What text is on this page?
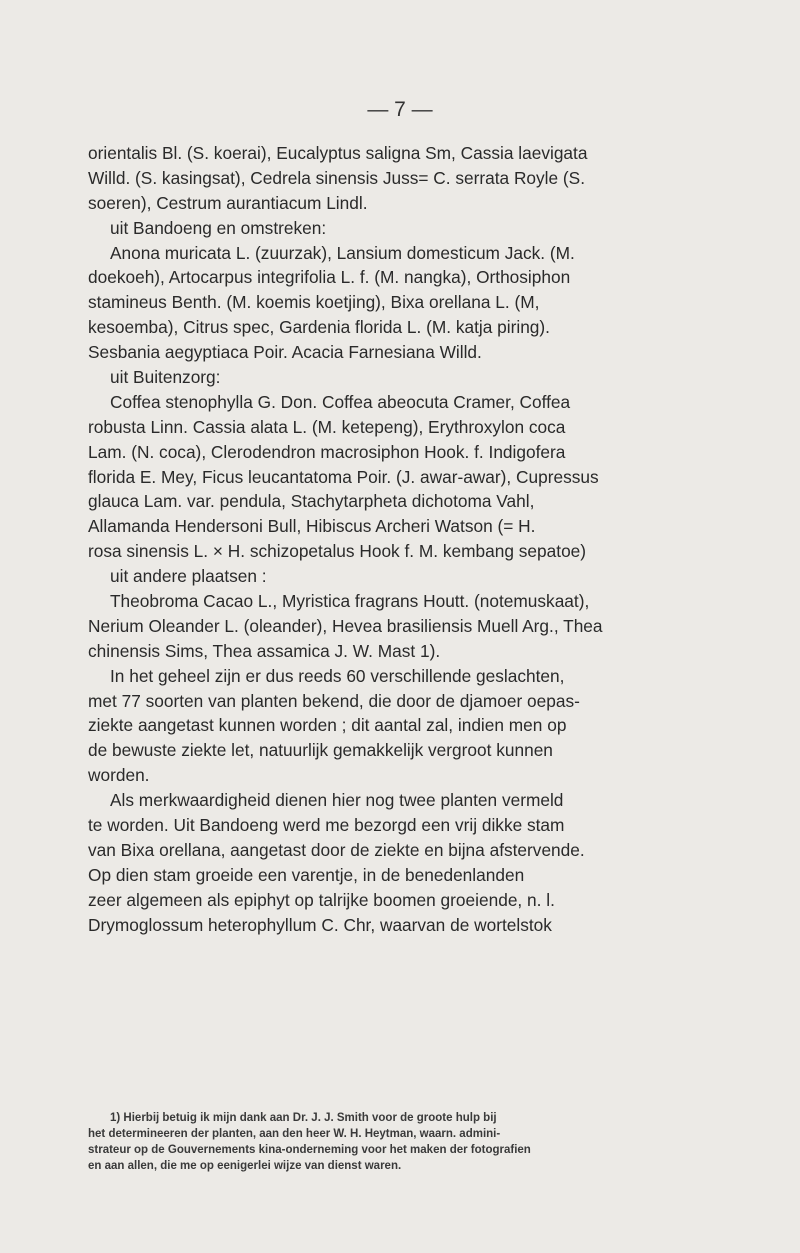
— 7 —
orientalis Bl. (S. koerai), Eucalyptus saligna Sm, Cassia laevigata
Willd. (S. kasingsat), Cedrela sinensis Juss= C. serrata Royle (S.
soeren), Cestrum aurantiacum Lindl.
uit Bandoeng en omstreken:
Anona muricata L. (zuurzak), Lansium domesticum Jack. (M.
doekoeh), Artocarpus integrifolia L. f. (M. nangka), Orthosiphon
stamineus Benth. (M. koemis koetjing), Bixa orellana L. (M,
kesoemba), Citrus spec, Gardenia florida L. (M. katja piring).
Sesbania aegyptiaca Poir. Acacia Farnesiana Willd.
uit Buitenzorg:
Coffea stenophylla G. Don. Coffea abeocuta Cramer, Coffea
robusta Linn. Cassia alata L. (M. ketepeng), Erythroxylon coca
Lam. (N. coca), Clerodendron macrosiphon Hook. f. Indigofera
florida E. Mey, Ficus leucantatoma Poir. (J. awar-awar), Cupressus
glauca Lam. var. pendula, Stachytarpheta dichotoma Vahl,
Allamanda Hendersoni Bull, Hibiscus Archeri Watson (= H.
rosa sinensis L. × H. schizopetalus Hook f. M. kembang sepatoe)
uit andere plaatsen :
Theobroma Cacao L., Myristica fragrans Houtt. (notemuskaat),
Nerium Oleander L. (oleander), Hevea brasiliensis Muell Arg., Thea
chinensis Sims, Thea assamica J. W. Mast 1).
In het geheel zijn er dus reeds 60 verschillende geslachten,
met 77 soorten van planten bekend, die door de djamoer oepas-
ziekte aangetast kunnen worden ; dit aantal zal, indien men op
de bewuste ziekte let, natuurlijk gemakkelijk vergroot kunnen
worden.
Als merkwaardigheid dienen hier nog twee planten vermeld
te worden. Uit Bandoeng werd me bezorgd een vrij dikke stam
van Bixa orellana, aangetast door de ziekte en bijna afstervende.
Op dien stam groeide een varentje, in de benedenlanden
zeer algemeen als epiphyt op talrijke boomen groeiende, n. l.
Drymoglossum heterophyllum C. Chr, waarvan de wortelstok
1) Hierbij betuig ik mijn dank aan Dr. J. J. Smith voor de groote hulp bij
het determineeren der planten, aan den heer W. H. Heytman, waarn. admini-
strateur op de Gouvernements kina-onderneming voor het maken der fotografien
en aan allen, die me op eenigerlei wijze van dienst waren.
